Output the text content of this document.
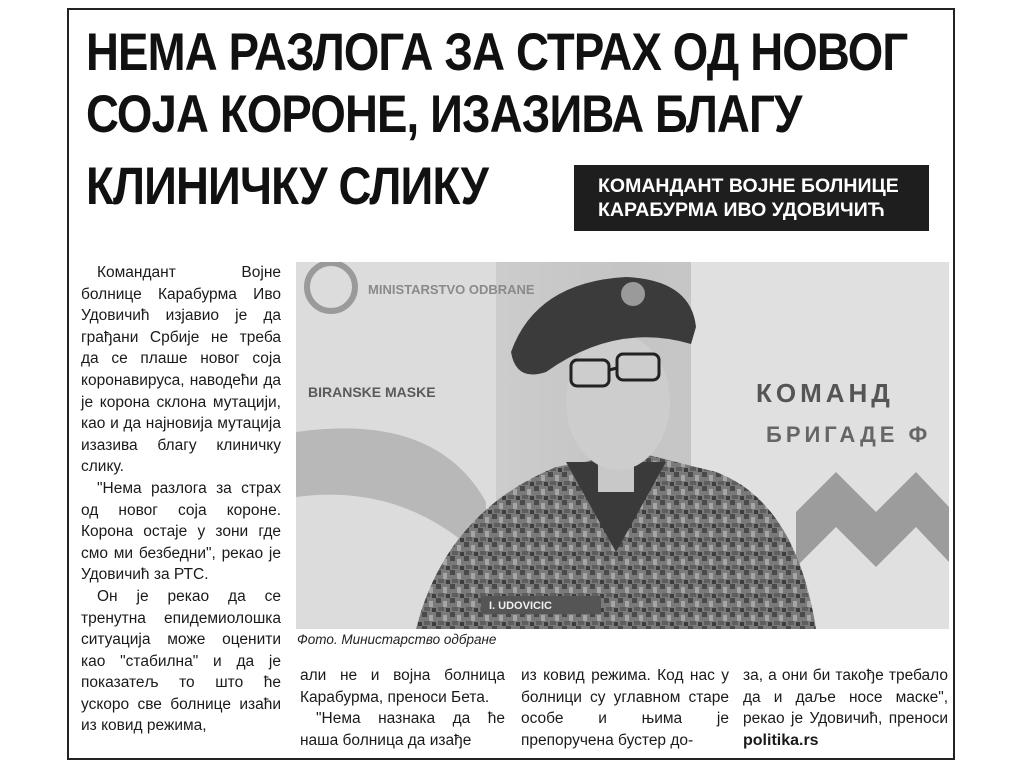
НЕМА РАЗЛОГА ЗА СТРАХ ОД НОВОГ
СОЈА КОРОНЕ, ИЗАЗИВА БЛАГУ
КЛИНИЧКУ СЛИКУ	КОМАНДАНТ ВОЈНЕ БОЛНИЦЕ
КАРАБУРМА ИВО УДОВИЧИЋ

Командант Војне болнице Карабурма Иво Удовичић изјавио је да грађани Србије не треба да се плаше новог соја коронавируса, наводећи да је корона склона мутацији, као и да најновија мутација изазива благу клиничку слику.

"Нема разлога за страх од новог соја короне. Корона остаје у зони где смо ми безбедни", рекао је Удовичић за РТС.

Он је рекао да се тренутна епидемиолошка ситуација може оценити као "стабилна" и да је показатељ то што ће ускоро све болнице изаћи из ковид режима,

MINISTARSTVO ODBRANE
BIRANSKE MASKE	КОМАНД
БРИГАДЕ Ф
I. UDOVICIC
Фото. Министарство одбране

али не и војна болница Карабурма, преноси Бета.

"Нема назнака да ће наша болница да изађе

из ковид режима. Код нас у болници су углавном старе особе и њима је препоручена бустер до-

за, а они би такође требало да и даље носе маске", рекао је Удовичић, преноси politika.rs
